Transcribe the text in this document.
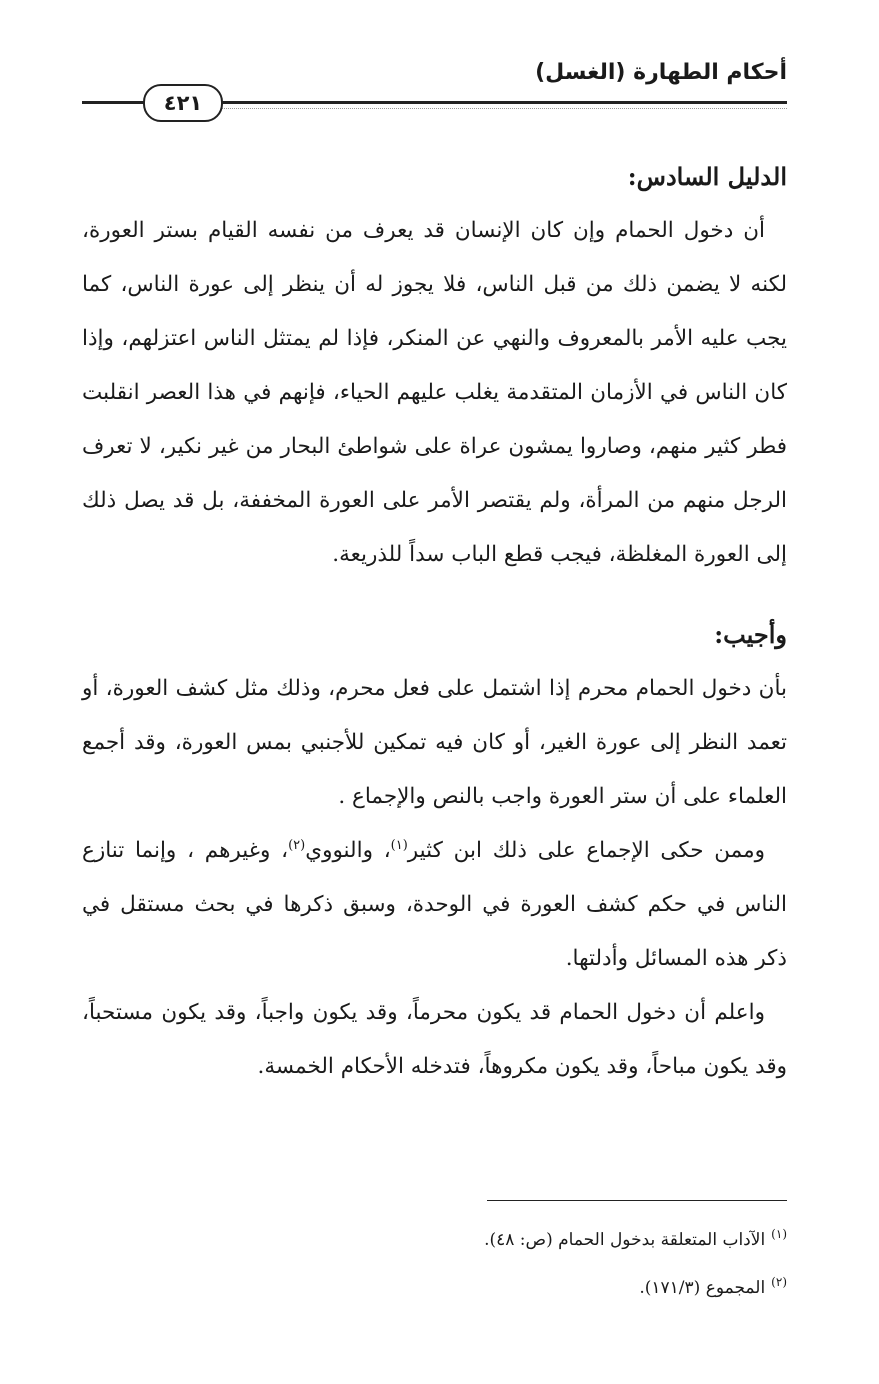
أحكام الطهارة (الغسل)
٤٢١

الدليل السادس:

أن دخول الحمام وإن كان الإنسان قد يعرف من نفسه القيام بستر العورة، لكنه لا يضمن ذلك من قبل الناس، فلا يجوز له أن ينظر إلى عورة الناس، كما يجب عليه الأمر بالمعروف والنهي عن المنكر، فإذا لم يمتثل الناس اعتزلهم، وإذا كان الناس في الأزمان المتقدمة يغلب عليهم الحياء، فإنهم في هذا العصر انقلبت فطر كثير منهم، وصاروا يمشون عراة على شواطئ البحار من غير نكير، لا تعرف الرجل منهم من المرأة، ولم يقتصر الأمر على العورة المخففة، بل قد يصل ذلك إلى العورة المغلظة، فيجب قطع الباب سداً للذريعة.

وأجيب:

بأن دخول الحمام محرم إذا اشتمل على فعل محرم، وذلك مثل كشف العورة، أو تعمد النظر إلى عورة الغير، أو كان فيه تمكين للأجنبي بمس العورة، وقد أجمع العلماء على أن ستر العورة واجب بالنص والإجماع .

وممن حكى الإجماع على ذلك ابن كثير$^{(١)}$، والنووي$^{(٢)}$، وغيرهم ، وإنما تنازع الناس في حكم كشف العورة في الوحدة، وسبق ذكرها في بحث مستقل في ذكر هذه المسائل وأدلتها.

واعلم أن دخول الحمام قد يكون محرماً، وقد يكون واجباً، وقد يكون مستحباً، وقد يكون مباحاً، وقد يكون مكروهاً، فتدخله الأحكام الخمسة.

$^{(١)}$الآداب المتعلقة بدخول الحمام (ص: ٤٨).

$^{(٢)}$المجموع (١٧١/٣).
